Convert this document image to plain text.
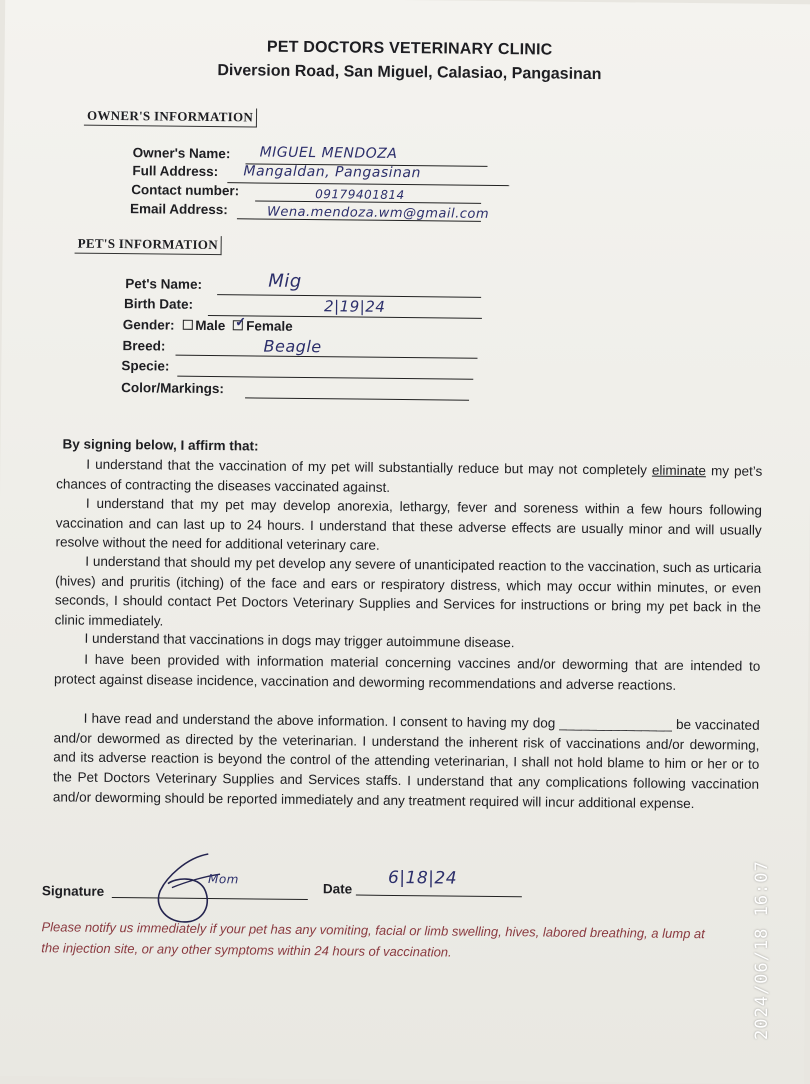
PET DOCTORS VETERINARY CLINIC
Diversion Road, San Miguel, Calasiao, Pangasinan
OWNER'S INFORMATION
Owner's Name: MIGUEL MENDOZA
Full Address: Mangaldan, Pangasinan
Contact number:	09179401814
Email Address:	Wena.mendoza.wm@gmail.com
PET'S INFORMATION
Pet's Name:	Mig
Birth Date:	2|19|24
Gender: Male ✓ Female
Breed:	Beagle
Specie:
Color/Markings:
By signing below, I affirm that:
I understand that the vaccination of my pet will substantially reduce but may not completely eliminate my pet’s chances of contracting the diseases vaccinated against.
I understand that my pet may develop anorexia, lethargy, fever and soreness within a few hours following vaccination and can last up to 24 hours. I understand that these adverse effects are usually minor and will usually resolve without the need for additional veterinary care.
I understand that should my pet develop any severe of unanticipated reaction to the vaccination, such as urticaria (hives) and pruritis (itching) of the face and ears or respiratory distress, which may occur within minutes, or even seconds, I should contact Pet Doctors Veterinary Supplies and Services for instructions or bring my pet back in the clinic immediately.
I understand that vaccinations in dogs may trigger autoimmune disease.
I have been provided with information material concerning vaccines and/or deworming that are intended to protect against disease incidence, vaccination and deworming recommendations and adverse reactions.
I have read and understand the above information. I consent to having my dog _______________ be vaccinated and/or dewormed as directed by the veterinarian. I understand the inherent risk of vaccinations and/or deworming, and its adverse reaction is beyond the control of the attending veterinarian, I shall not hold blame to him or her or to the Pet Doctors Veterinary Supplies and Services staffs. I understand that any complications following vaccination and/or deworming should be reported immediately and any treatment required will incur additional expense.
Signature
Mom
Date
6|18|24
Please notify us immediately if your pet has any vomiting, facial or limb swelling, hives, labored breathing, a lump at the injection site, or any other symptoms within 24 hours of vaccination.	2024/06/18 16:07
